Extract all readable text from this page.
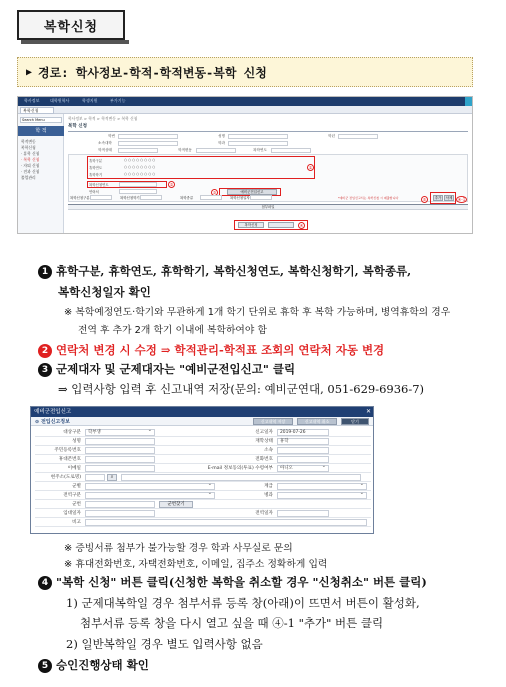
복학신청
▶ 경로: 학사정보-학적-학적변동-복학 신청
학사정보	대학원학사	학생지원	부가기능
복학신청
Search Menu
학 적
학적변동
복학신청
· 휴학 신청
· 복학 신청
· 자퇴 신청
· 전과 신청
졸업관리
학사정보 > 학적 > 학적변동 > 복학 신청
복학 신청
학번	성명	학년
소속대학	학과
학적상태	학적변동	복학연도
휴학구분	○ ○ ○ ○ ○ ○ ○ ○
휴학연도	○ ○ ○ ○ ○ ○ ○ ○
휴학학기	○ ○ ○ ○ ○ ○ ○ ○
①
복학신청연도	②
연락처	예비군전입신고
③
복학신청구분	복학신청학기	복학종류	복학신청일자	*예비군 전입신고서는 복학신청 시 제출합니다	추가	삭제
⑤	④-1
첨부파일
복학신청	④
1 휴학구분, 휴학연도, 휴학학기, 복학신청연도, 복학신청학기, 복학종류,
복학신청일자 확인
※ 복학예정연도·학기와 무관하게 1개 학기 단위로 휴학 후 복학 가능하며, 병역휴학의 경우
전역 후 추가 2개 학기 이내에 복학하여야 함
2 연락처 변경 시 수정 ⇒ 학적관리-학적표 조회의 연락처 자동 변경
3 군제대자 및 군제대자는 "예비군전입신고" 클릭
⇒ 입력사항 입력 후 신고내역 저장(문의: 예비군연대, 051-629-6936-7)
예비군전입신고	✕
⊙ 전입신고정보	신고내역 저장	신고내역 취소	닫기
대상구분	학부생 ⌄	신고일자	2019-07-26
성명	재학상태	휴학
주민등록번호	소속
휴대폰번호	전화번호
이메일	E-mail 정보동의(투표) 수령여부	아니오 ⌄
현주소(도로명)	⌕
군별 ⌄	계급
⌄
전역구분 ⌄	병과
⌄
군번	군번찾기
입대일자	전역일자
비고
※ 증빙서류 첨부가 불가능할 경우 학과 사무실로 문의
※ 휴대전화번호, 자택전화번호, 이메일, 집주소 정확하게 입력
4 "복학 신청" 버튼 클릭(신청한 복학을 취소할 경우 "신청취소" 버튼 클릭)
1) 군제대복학일 경우 첨부서류 등록 창(아래)이 뜨면서 버튼이 활성화,
첨부서류 등록 창을 다시 열고 싶을 때 ④-1 "추가" 버튼 클릭
2) 일반복학일 경우 별도 입력사항 없음
5 승인진행상태 확인
